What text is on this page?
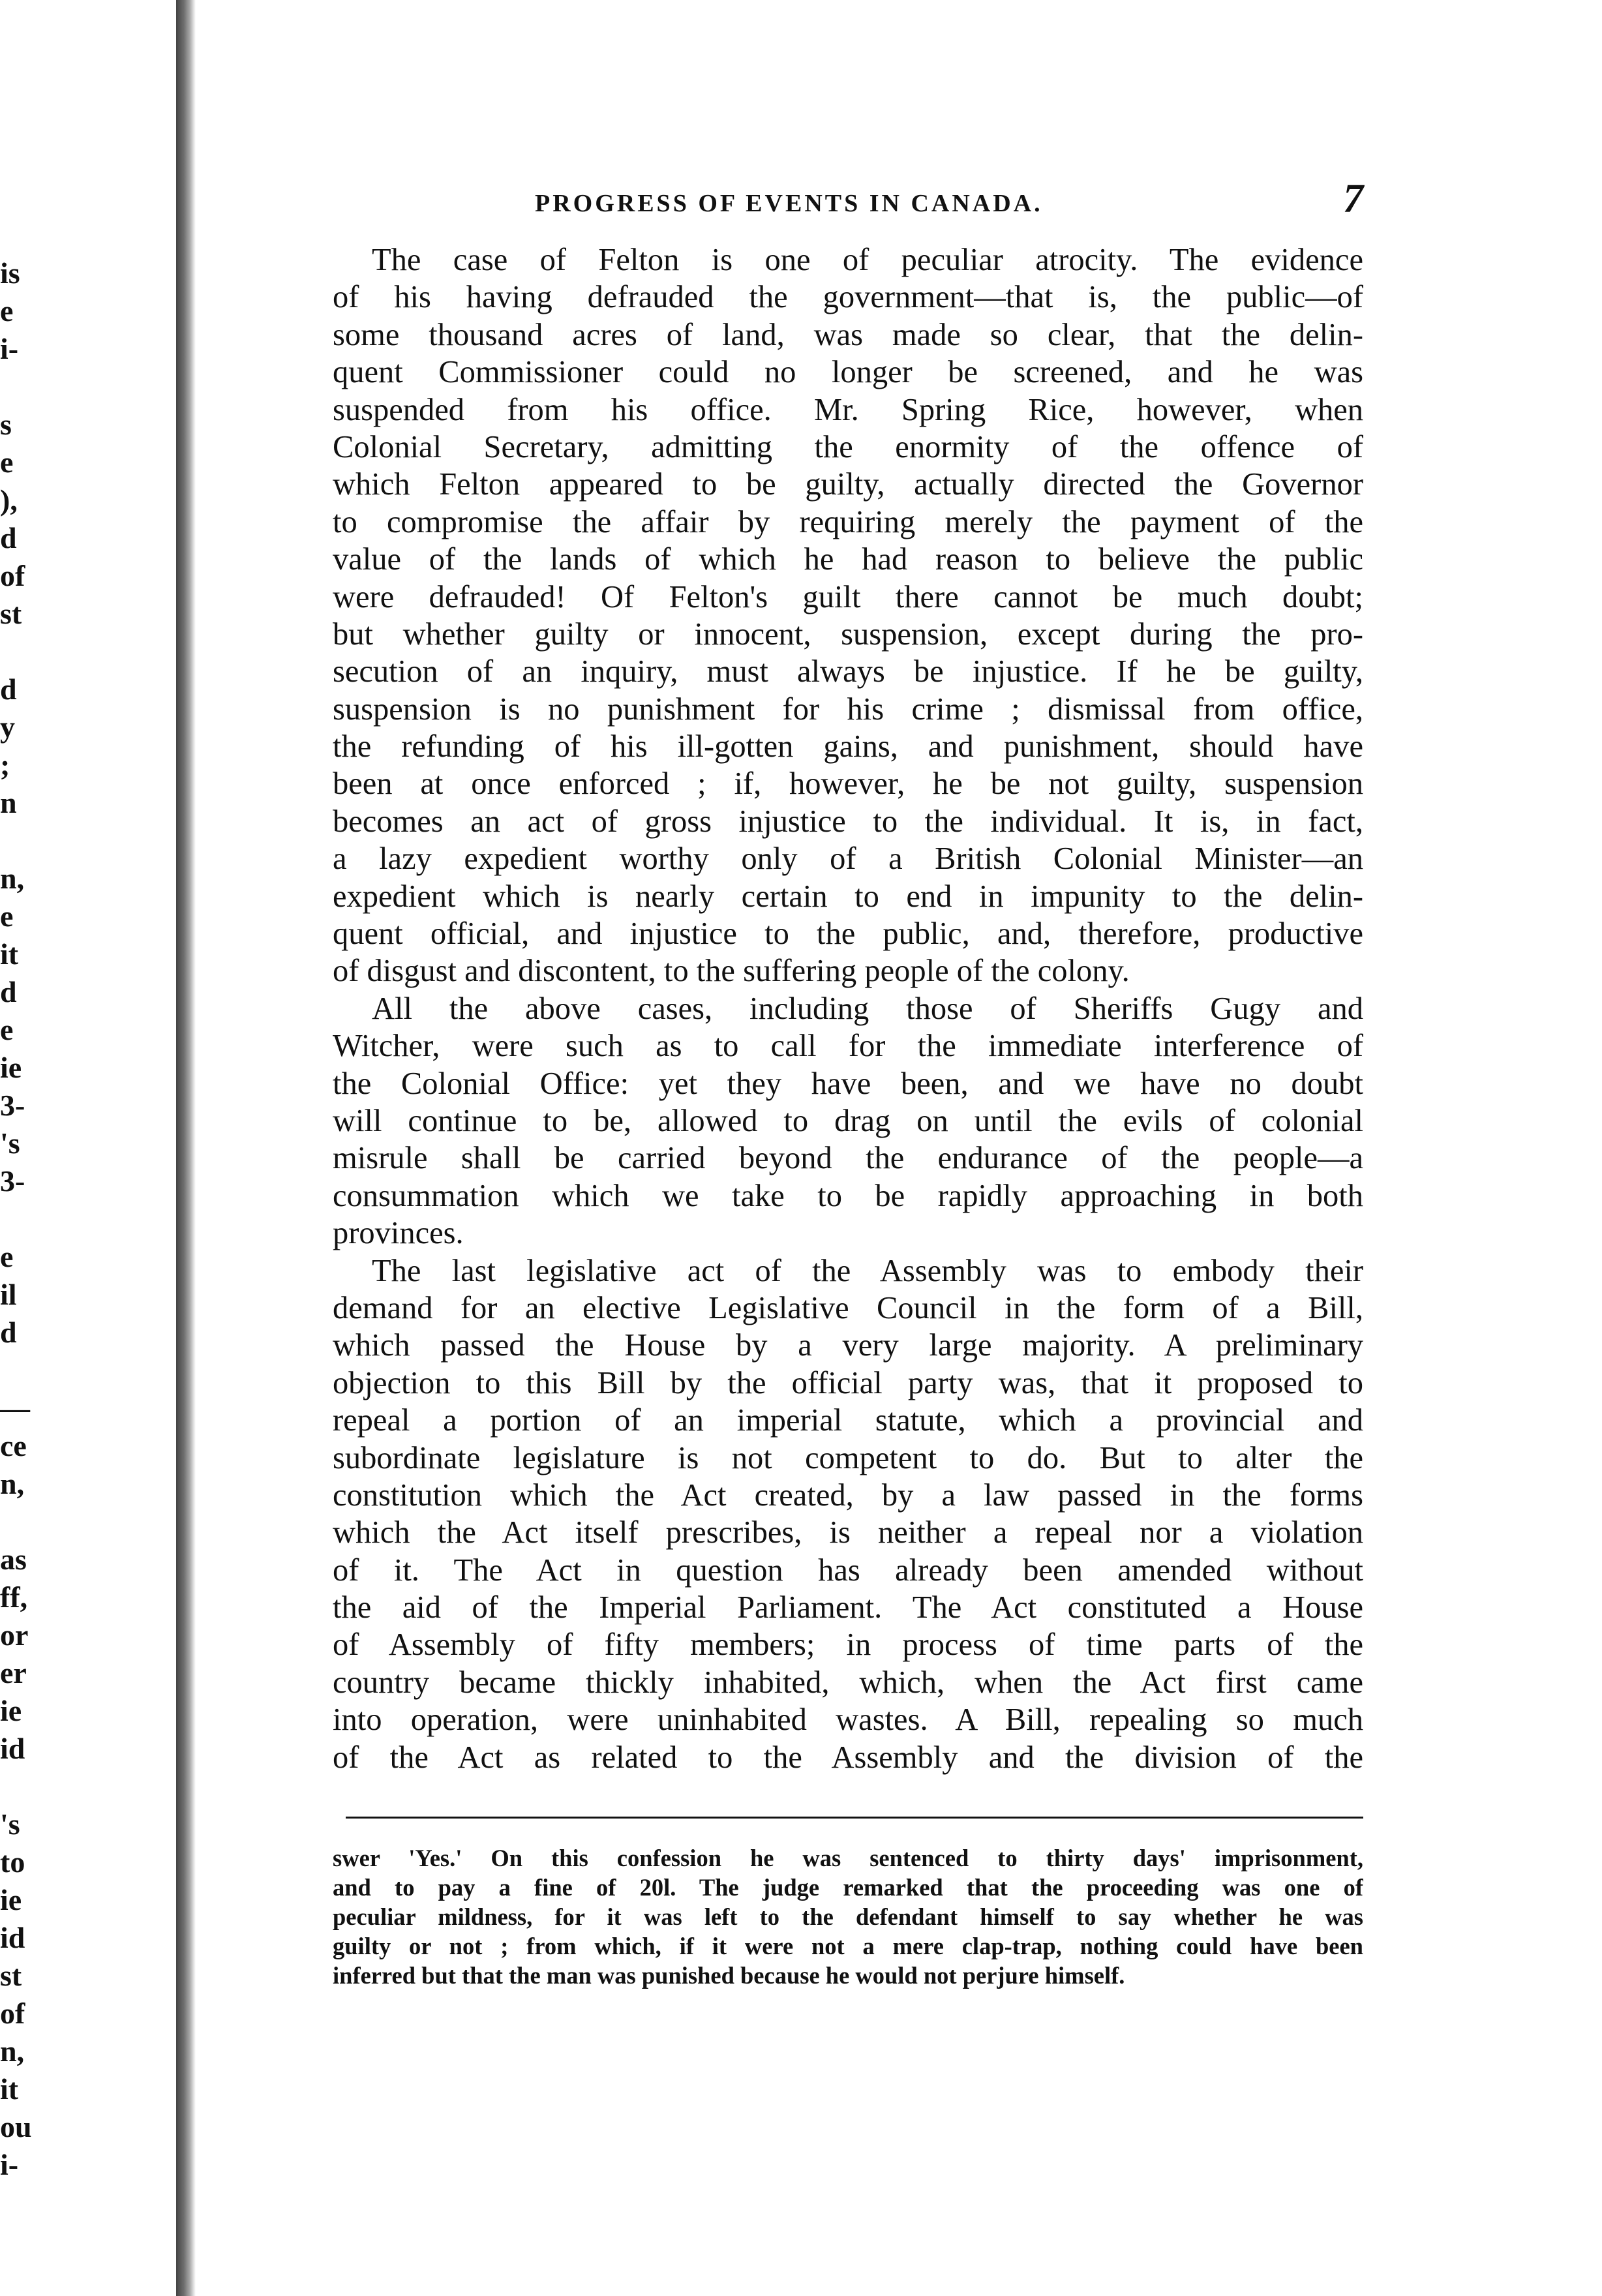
is
e
i-
s
e
),
d
of
st
d
y
;
n
n,
e
it
d
e
ie
3-
's
3-
e
il
d
—
ce
n,
as
ff,
or
er
ie
id
's
to
ie
id
st
of
n,
it
ou
i-
PROGRESS OF EVENTS IN CANADA.	7
The case of Felton is one of peculiar atrocity. The evidence
of his having defrauded the government—that is, the public—of
some thousand acres of land, was made so clear, that the delin-
quent Commissioner could no longer be screened, and he was
suspended from his office. Mr. Spring Rice, however, when
Colonial Secretary, admitting the enormity of the offence of
which Felton appeared to be guilty, actually directed the Governor
to compromise the affair by requiring merely the payment of the
value of the lands of which he had reason to believe the public
were defrauded! Of Felton's guilt there cannot be much doubt;
but whether guilty or innocent, suspension, except during the pro-
secution of an inquiry, must always be injustice. If he be guilty,
suspension is no punishment for his crime ; dismissal from office,
the refunding of his ill-gotten gains, and punishment, should have
been at once enforced ; if, however, he be not guilty, suspension
becomes an act of gross injustice to the individual. It is, in fact,
a lazy expedient worthy only of a British Colonial Minister—an
expedient which is nearly certain to end in impunity to the delin-
quent official, and injustice to the public, and, therefore, productive
of disgust and discontent, to the suffering people of the colony.
All the above cases, including those of Sheriffs Gugy and
Witcher, were such as to call for the immediate interference of
the Colonial Office: yet they have been, and we have no doubt
will continue to be, allowed to drag on until the evils of colonial
misrule shall be carried beyond the endurance of the people—a
consummation which we take to be rapidly approaching in both
provinces.
The last legislative act of the Assembly was to embody their
demand for an elective Legislative Council in the form of a Bill,
which passed the House by a very large majority. A preliminary
objection to this Bill by the official party was, that it proposed to
repeal a portion of an imperial statute, which a provincial and
subordinate legislature is not competent to do. But to alter the
constitution which the Act created, by a law passed in the forms
which the Act itself prescribes, is neither a repeal nor a violation
of it. The Act in question has already been amended without
the aid of the Imperial Parliament. The Act constituted a House
of Assembly of fifty members; in process of time parts of the
country became thickly inhabited, which, when the Act first came
into operation, were uninhabited wastes. A Bill, repealing so much
of the Act as related to the Assembly and the division of the
swer 'Yes.' On this confession he was sentenced to thirty days' imprisonment,
and to pay a fine of 20l. The judge remarked that the proceeding was one of
peculiar mildness, for it was left to the defendant himself to say whether he was
guilty or not ; from which, if it were not a mere clap-trap, nothing could have been
inferred but that the man was punished because he would not perjure himself.
